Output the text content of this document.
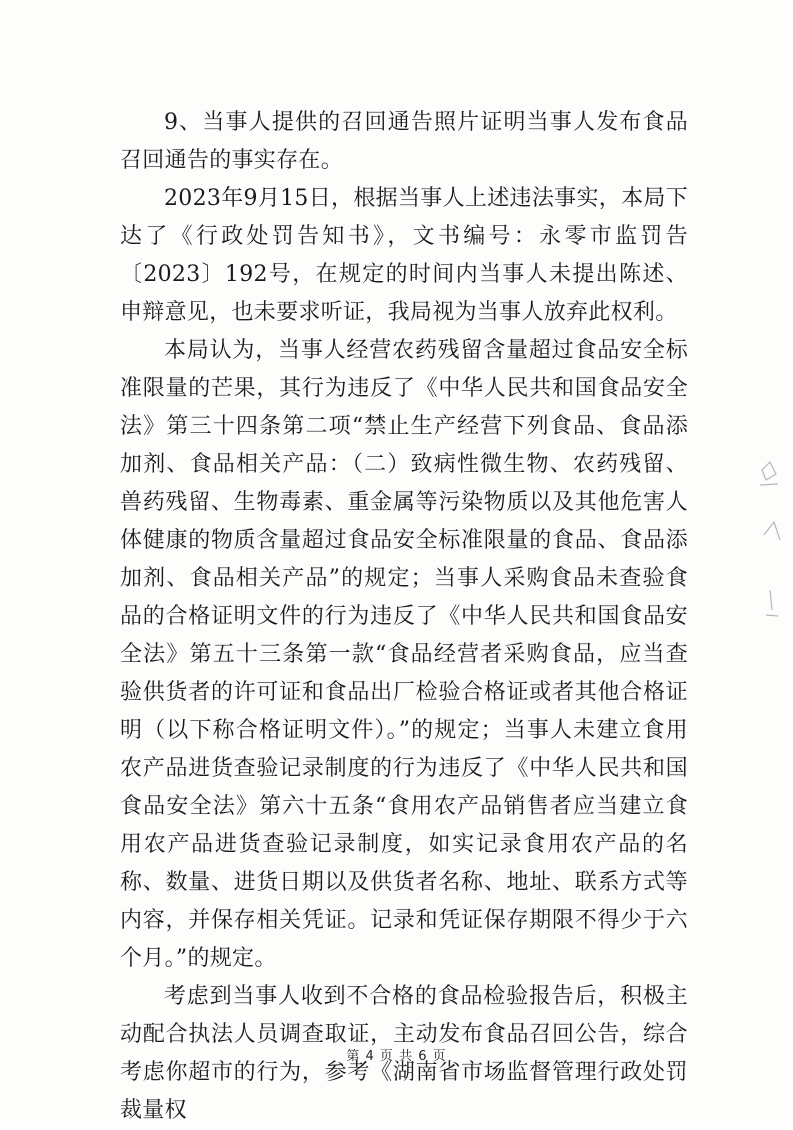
9、当事人提供的召回通告照片证明当事人发布食品召回通告的事实存在。

2023年9月15日，根据当事人上述违法事实，本局下达了《行政处罚告知书》，文书编号：永零市监罚告〔2023〕192号，在规定的时间内当事人未提出陈述、申辩意见，也未要求听证，我局视为当事人放弃此权利。

本局认为，当事人经营农药残留含量超过食品安全标准限量的芒果，其行为违反了《中华人民共和国食品安全法》第三十四条第二项“禁止生产经营下列食品、食品添加剂、食品相关产品：（二）致病性微生物、农药残留、兽药残留、生物毒素、重金属等污染物质以及其他危害人体健康的物质含量超过食品安全标准限量的食品、食品添加剂、食品相关产品”的规定；当事人采购食品未查验食品的合格证明文件的行为违反了《中华人民共和国食品安全法》第五十三条第一款“食品经营者采购食品，应当查验供货者的许可证和食品出厂检验合格证或者其他合格证明（以下称合格证明文件）。”的规定；当事人未建立食用农产品进货查验记录制度的行为违反了《中华人民共和国食品安全法》第六十五条“食用农产品销售者应当建立食用农产品进货查验记录制度，如实记录食用农产品的名称、数量、进货日期以及供货者名称、地址、联系方式等内容，并保存相关凭证。记录和凭证保存期限不得少于六个月。”的规定。

考虑到当事人收到不合格的食品检验报告后，积极主动配合执法人员调查取证，主动发布食品召回公告，综合考虑你超市的行为，参考《湖南省市场监督管理行政处罚裁量权

第 4 页 共 6 页
